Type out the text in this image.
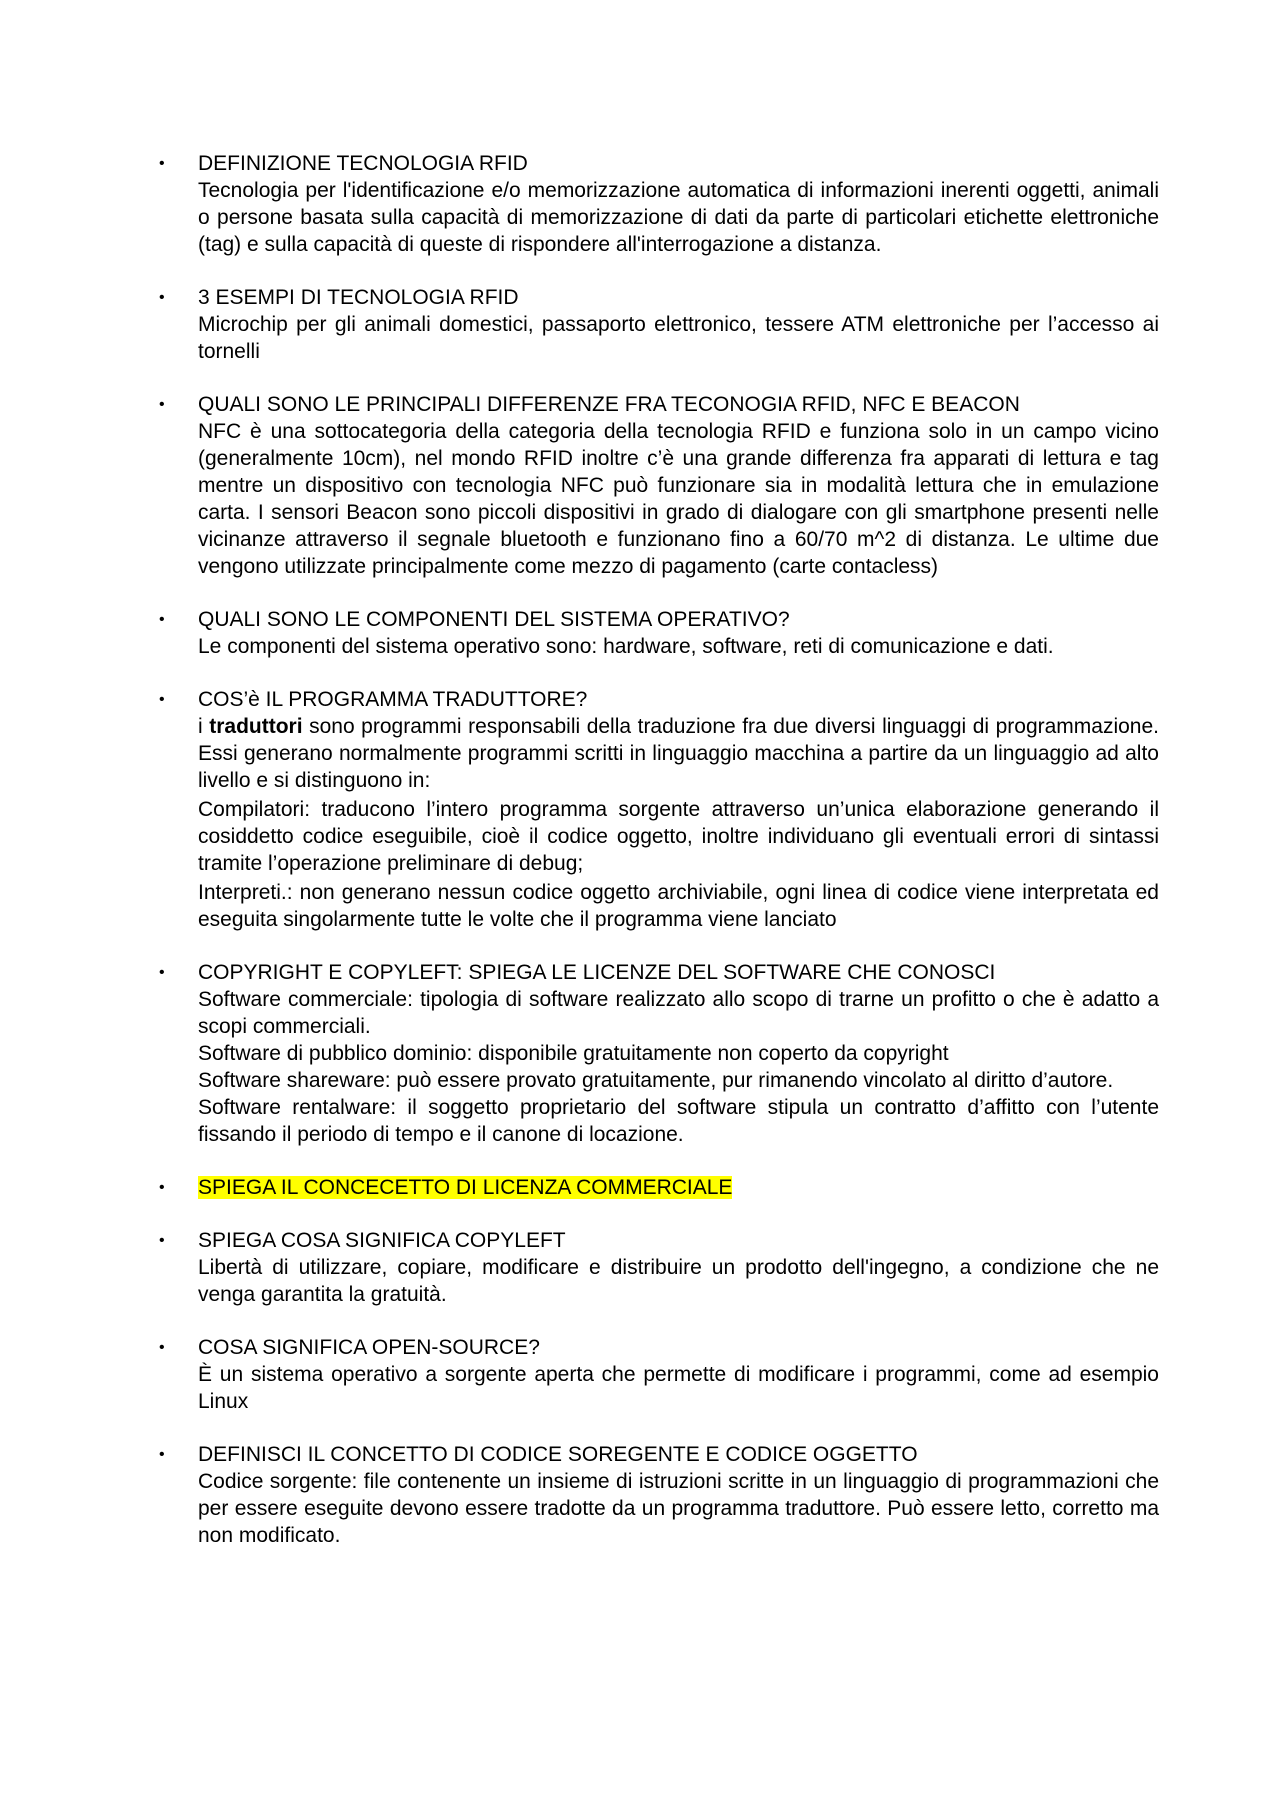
•	DEFINIZIONE TECNOLOGIA RFID
Tecnologia per l'identificazione e/o memorizzazione automatica di informazioni inerenti oggetti, animali o persone basata sulla capacità di memorizzazione di dati da parte di particolari etichette elettroniche (tag) e sulla capacità di queste di rispondere all'interrogazione a distanza.
•	3 ESEMPI DI TECNOLOGIA RFID
Microchip per gli animali domestici, passaporto elettronico, tessere ATM elettroniche per l’accesso ai tornelli
•	QUALI SONO LE PRINCIPALI DIFFERENZE FRA TECONOGIA RFID, NFC E BEACON
NFC è una sottocategoria della categoria della tecnologia RFID e funziona solo in un campo vicino (generalmente 10cm), nel mondo RFID inoltre c’è una grande differenza fra apparati di lettura e tag mentre un dispositivo con tecnologia NFC può funzionare sia in modalità lettura che in emulazione carta. I sensori Beacon sono piccoli dispositivi in grado di dialogare con gli smartphone presenti nelle vicinanze attraverso il segnale bluetooth e funzionano fino a 60/70 m^2 di distanza. Le ultime due vengono utilizzate principalmente come mezzo di pagamento (carte contacless)
•	QUALI SONO LE COMPONENTI DEL SISTEMA OPERATIVO?
Le componenti del sistema operativo sono: hardware, software, reti di comunicazione e dati.
•	COS’è IL PROGRAMMA TRADUTTORE?
i traduttori sono programmi responsabili della traduzione fra due diversi linguaggi di programmazione. Essi generano normalmente programmi scritti in linguaggio macchina a partire da un linguaggio ad alto livello e si distinguono in:
Compilatori: traducono l’intero programma sorgente attraverso un’unica elaborazione generando il cosiddetto codice eseguibile, cioè il codice oggetto, inoltre individuano gli eventuali errori di sintassi tramite l’operazione preliminare di debug;
Interpreti.: non generano nessun codice oggetto archiviabile, ogni linea di codice viene interpretata ed eseguita singolarmente tutte le volte che il programma viene lanciato
•	COPYRIGHT E COPYLEFT: SPIEGA LE LICENZE DEL SOFTWARE CHE CONOSCI
Software commerciale: tipologia di software realizzato allo scopo di trarne un profitto o che è adatto a scopi commerciali.
Software di pubblico dominio: disponibile gratuitamente non coperto da copyright
Software shareware: può essere provato gratuitamente, pur rimanendo vincolato al diritto d’autore.
Software rentalware: il soggetto proprietario del software stipula un contratto d’affitto con l’utente fissando il periodo di tempo e il canone di locazione.
•	SPIEGA IL CONCECETTO DI LICENZA COMMERCIALE
•	SPIEGA COSA SIGNIFICA COPYLEFT
Libertà di utilizzare, copiare, modificare e distribuire un prodotto dell'ingegno, a condizione che ne venga garantita la gratuità.
•	COSA SIGNIFICA OPEN-SOURCE?
È un sistema operativo a sorgente aperta che permette di modificare i programmi, come ad esempio Linux
•	DEFINISCI IL CONCETTO DI CODICE SOREGENTE E CODICE OGGETTO
Codice sorgente: file contenente un insieme di istruzioni scritte in un linguaggio di programmazioni che per essere eseguite devono essere tradotte da un programma traduttore. Può essere letto, corretto ma non modificato.
